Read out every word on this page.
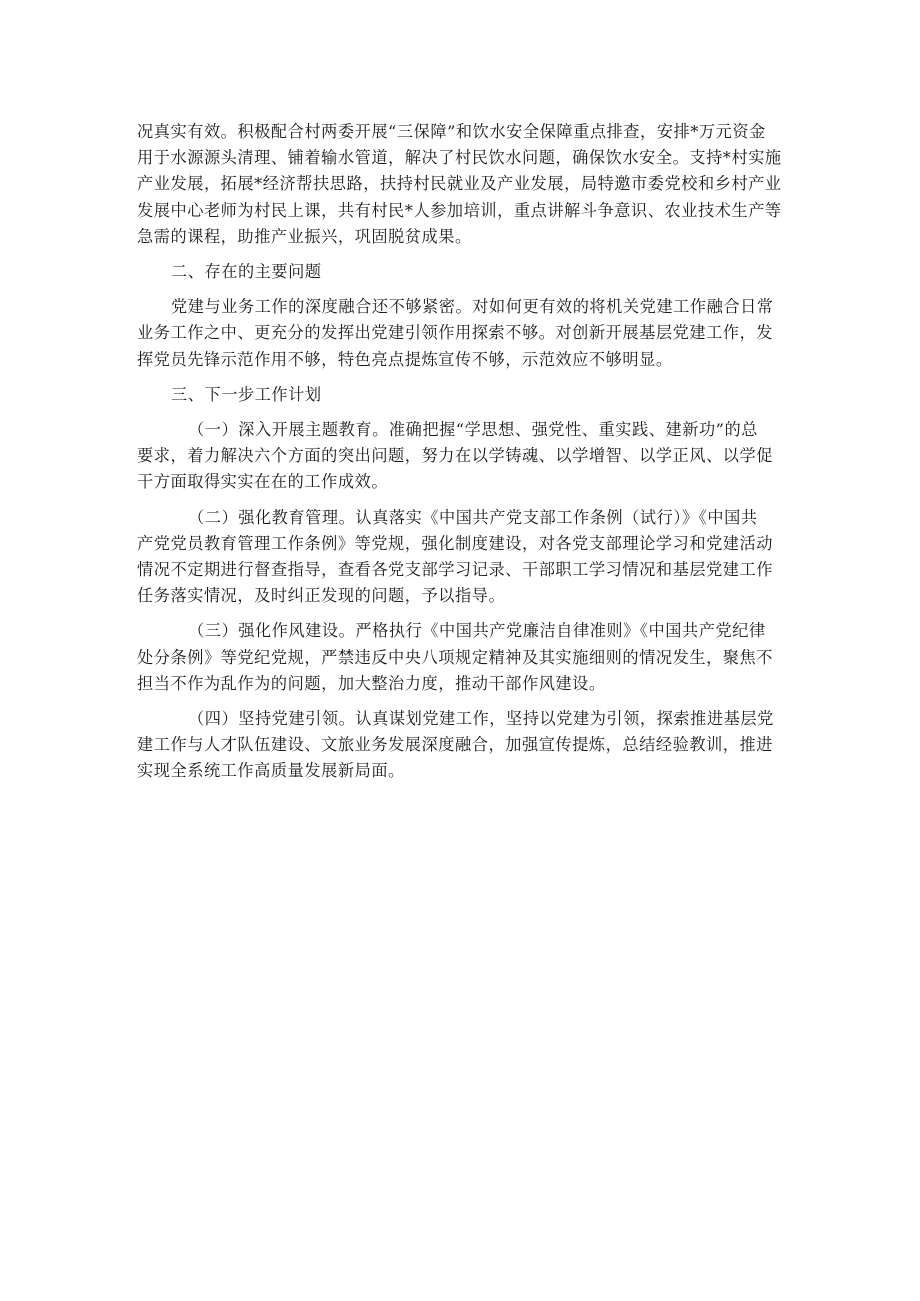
况真实有效。积极配合村两委开展“三保障”和饮水安全保障重点排查，安排*万元资金
用于水源源头清理、铺着输水管道，解决了村民饮水问题，确保饮水安全。支持*村实施
产业发展，拓展*经济帮扶思路，扶持村民就业及产业发展，局特邀市委党校和乡村产业
发展中心老师为村民上课，共有村民*人参加培训，重点讲解斗争意识、农业技术生产等
急需的课程，助推产业振兴，巩固脱贫成果。

二、存在的主要问题

党建与业务工作的深度融合还不够紧密。对如何更有效的将机关党建工作融合日常
业务工作之中、更充分的发挥出党建引领作用探索不够。对创新开展基层党建工作，发
挥党员先锋示范作用不够，特色亮点提炼宣传不够，示范效应不够明显。

三、下一步工作计划

（一）深入开展主题教育。准确把握“学思想、强党性、重实践、建新功”的总
要求，着力解决六个方面的突出问题，努力在以学铸魂、以学增智、以学正风、以学促
干方面取得实实在在的工作成效。
（二）强化教育管理。认真落实《中国共产党支部工作条例（试行）》《中国共
产党党员教育管理工作条例》等党规，强化制度建设，对各党支部理论学习和党建活动
情况不定期进行督查指导，查看各党支部学习记录、干部职工学习情况和基层党建工作
任务落实情况，及时纠正发现的问题，予以指导。
（三）强化作风建设。严格执行《中国共产党廉洁自律准则》《中国共产党纪律
处分条例》等党纪党规，严禁违反中央八项规定精神及其实施细则的情况发生，聚焦不
担当不作为乱作为的问题，加大整治力度，推动干部作风建设。
（四）坚持党建引领。认真谋划党建工作，坚持以党建为引领，探索推进基层党
建工作与人才队伍建设、文旅业务发展深度融合，加强宣传提炼，总结经验教训，推进
实现全系统工作高质量发展新局面。
